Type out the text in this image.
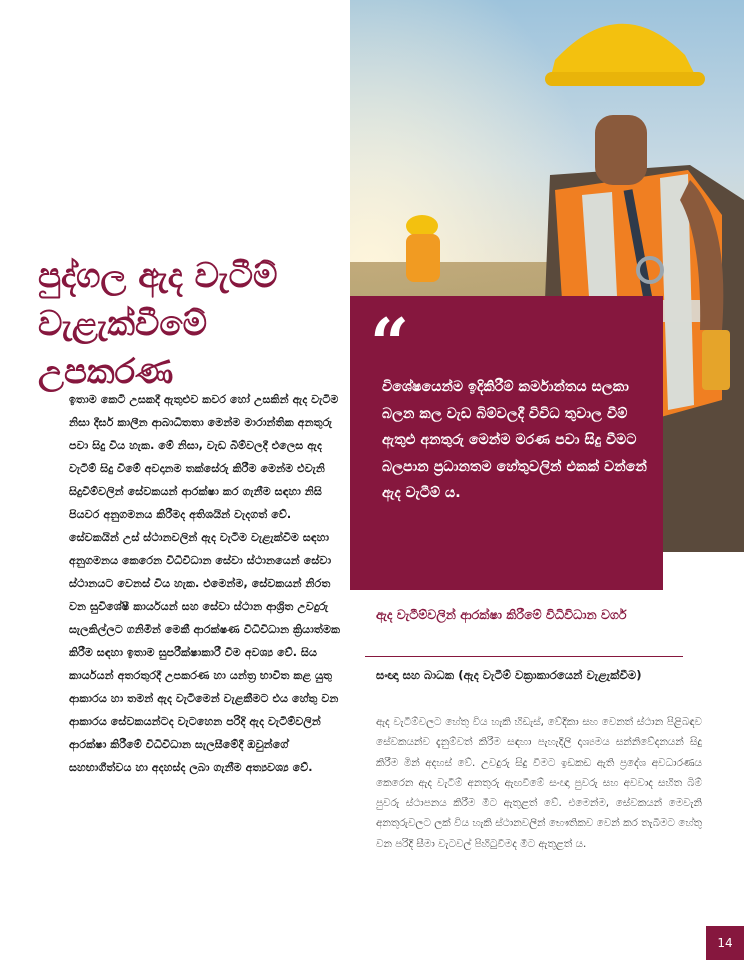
පුද්ගල ඇද වැටීම්
වැළැක්වීමේ
උපකරණ

ඉතාම කෙටි උසකදී ඇතුළුව කවර හෝ උසකින් ඇද වැටීම නිසා දීර්ඝ කාලීන ආබාධිතතා මෙන්ම මාරාන්තික අනතුරු පවා සිදු විය හැක. මේ නිසා, වැඩ බිම්වලදී එලෙස ඇද වැටීම් සිදු වීමේ අවදානම තක්සේරු කිරීම මෙන්ම එවැනි සිදුවීම්වලින් සේවකයන් ආරක්ෂා කර ගැනීම සඳහා නිසි පියවර අනුගමනය කිරීමද අතිශයින් වැදගත් වේ. සේවකයින් උස් ස්ථානවලින් ඇද වැටීම වැළැක්වීම සඳහා අනුගමනය කෙරෙන විධිවිධාන සේවා ස්ථානයෙන් සේවා ස්ථානයට වෙනස් විය හැක. එමෙන්ම, සේවකයන් නිරත වන සුවිශේෂී කාර්යයන් සහ සේවා ස්ථාන ආශ්‍රිත උවදුරු සැලකිල්ලට ගනිමින් මෙකී ආරක්ෂණ විධිවිධාන ක්‍රියාත්මක කිරීම සඳහා ඉතාම සුපරීක්ෂාකාරී වීම අවශ්‍ය වේ. සිය කාර්යයන් අතරතුරදී උපකරණ හා යන්ත්‍ර භාවිත කළ යුතු ආකාරය හා තමන් ඇද වැටීමෙන් වැළකීමට එය හේතු වන ආකාරය සේවකයන්ටද වැටහෙන පරිදි ඇද වැටීම්වලින් ආරක්ෂා කිරීමේ විධිවිධාන සැලසීමේදී ඔවුන්ගේ සහභාගීත්වය හා අදහස්ද ලබා ගැනීම අත්‍යවශ්‍ය වේ.

“

විශේෂයෙන්ම ඉදිකිරීම් කර්මාන්තය සලකා බලන කල වැඩ බිම්වලදී විවිධ තුවාල වීම් ඇතුළු අනතුරු මෙන්ම මරණ පවා සිදු වීමට බලපාන ප්‍රධානතම හේතුවලින් එකක් වන්නේ ඇද වැටීම් ය.

ඇද වැටීම්වලින් ආරක්ෂා කිරීමේ විධිවිධාන වර්ග

සංඥා සහ බාධක (ඇද වැටීම් වක්‍රාකාරයෙන් වැළැක්වීම)

ඇද වැටීම්වලට හේතු විය හැකි හිඩැස්, වේදිකා සහ වෙනත් ස්ථාන පිළිබඳව සේවකයන්ව දැනුම්වත් කිරීම සඳහා පැහැදිලි දෘශ්‍යමය සන්නිවේදනයන් සිදු කිරීම මින් අදහස් වේ. උවදුරු සිදු වීමට ඉඩකඩ ඇති ප්‍රදේශ අවධාරණය කෙරෙන ඇද වැටීම් අනතුරු ඇඟවීමේ සංඥා පුවරු සහ අවවාද සහිත බිම් පුවරු ස්ථාපනය කිරීම මීට ඇතුළත් වේ. එමෙන්ම, සේවකයන් මෙවැනි අනතුරුවලට ලක් විය හැකි ස්ථානවලින් භෞතිකව වෙන් කර තැබීමට හේතු වන පරිදි සීමා වැටවල් පිහිටුවීමද මීට ඇතුළත් ය.

14
